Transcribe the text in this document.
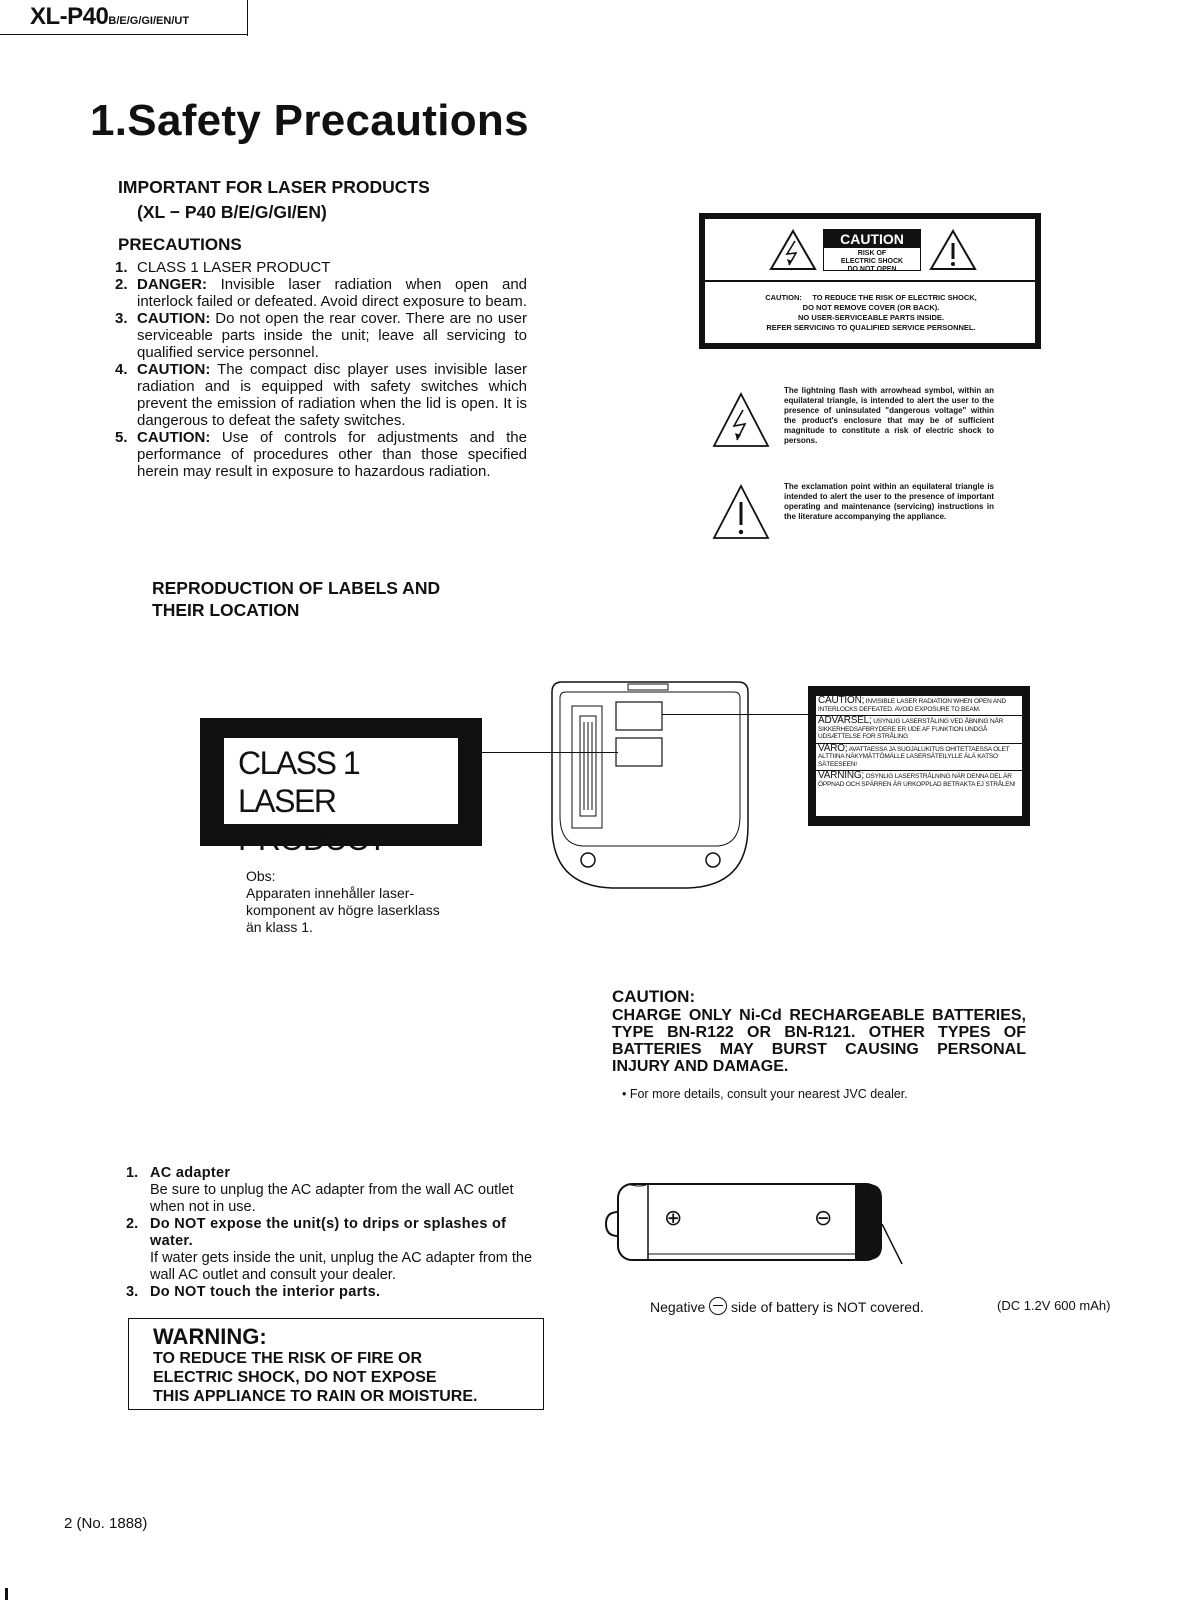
XL-P40B/E/G/GI/EN/UT
1.Safety Precautions
IMPORTANT FOR LASER PRODUCTS
(XL − P40 B/E/G/GI/EN)
PRECAUTIONS
1. CLASS 1 LASER PRODUCT
2. DANGER: Invisible laser radiation when open and interlock failed or defeated. Avoid direct exposure to beam.
3. CAUTION: Do not open the rear cover. There are no user serviceable parts inside the unit; leave all servicing to qualified service personnel.
4. CAUTION: The compact disc player uses invisible laser radiation and is equipped with safety switches which prevent the emission of radiation when the lid is open. It is dangerous to defeat the safety switches.
5. CAUTION: Use of controls for adjustments and the performance of procedures other than those specified herein may result in exposure to hazardous radiation.
CAUTION
RISK OF ELECTRIC SHOCK DO NOT OPEN
CAUTION: TO REDUCE THE RISK OF ELECTRIC SHOCK,
DO NOT REMOVE COVER (OR BACK).
NO USER-SERVICEABLE PARTS INSIDE.
REFER SERVICING TO QUALIFIED SERVICE PERSONNEL.
The lightning flash with arrowhead symbol, within an equilateral triangle, is intended to alert the user to the presence of uninsulated "dangerous voltage" within the product's enclosure that may be of sufficient magnitude to constitute a risk of electric shock to persons.
The exclamation point within an equilateral triangle is intended to alert the user to the presence of important operating and maintenance (servicing) instructions in the literature accompanying the appliance.
REPRODUCTION OF LABELS AND
THEIR LOCATION
CLASS 1
LASER PRODUCT
Obs:
Apparaten innehåller laser-komponent av högre laserklass än klass 1.
CAUTION; INVISIBLE LASER RADIATION WHEN OPEN AND INTERLOCKS DEFEATED. AVOID EXPOSURE TO BEAM.
ADVARSEL; USYNLIG LASERSTÅLING VED ÅBNING NÅR SIKKERHEDSAFBRYDERE ER UDE AF FUNKTION UNDGÅ UDSÆTTELSE FOR STRÅLING
VARO; AVATTAESSA JA SUOJALUKITUS OHITETTAESSA OLET ALTTIINA NÄKYMÄTTÖMÄLLE LASERSÄTEILYLLE ÄLÄ KATSO SÄTEESEEN!
VARNING; OSYNLIG LASERSTRÅLNING NÄR DENNA DEL ÄR ÖPPNAD OCH SPÄRREN ÄR URKOPPLAD BETRAKTA EJ STRÅLEN!
CAUTION:
CHARGE ONLY Ni-Cd RECHARGEABLE BATTERIES,
TYPE BN-R122 OR BN-R121. OTHER TYPES OF
BATTERIES MAY BURST CAUSING PERSONAL
INJURY AND DAMAGE.
• For more details, consult your nearest JVC dealer.
⊕	⊖
Negative side of battery is NOT covered.	(DC 1.2V 600 mAh)
1. AC adapter
Be sure to unplug the AC adapter from the wall AC outlet when not in use.
2. Do NOT expose the unit(s) to drips or splashes of water.
If water gets inside the unit, unplug the AC adapter from the wall AC outlet and consult your dealer.
3. Do NOT touch the interior parts.
WARNING:
TO REDUCE THE RISK OF FIRE OR
ELECTRIC SHOCK, DO NOT EXPOSE
THIS APPLIANCE TO RAIN OR MOISTURE.
2 (No. 1888)
